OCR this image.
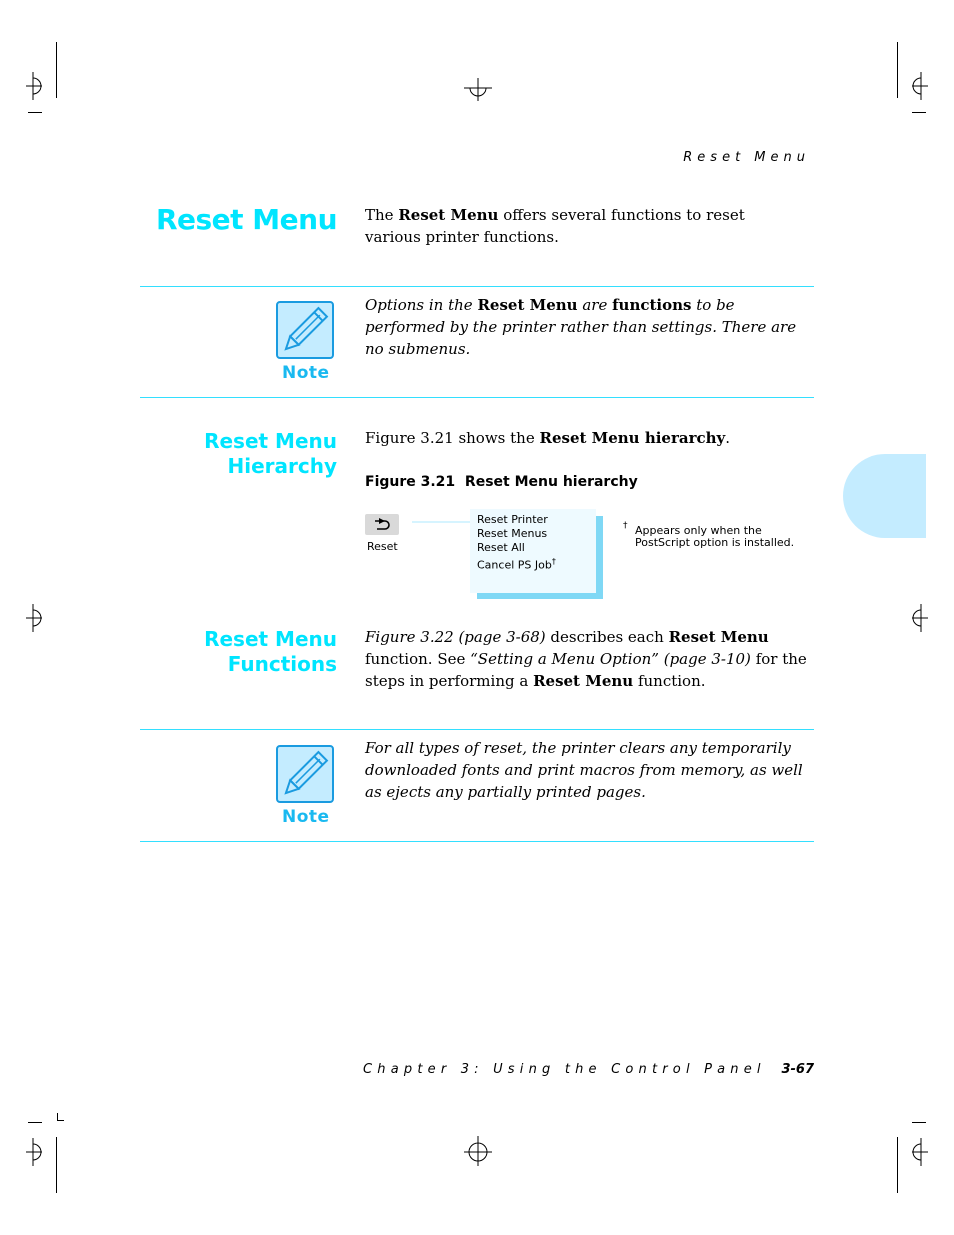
Reset Menu
Reset Menu The Reset Menu offers several functions to reset various printer functions.
Note
Options in the Reset Menu are functions to be performed by the printer rather than settings. There are no submenus.
Reset Menu
Hierarchy
Figure 3.21 shows the Reset Menu hierarchy.
Figure 3.21  Reset Menu hierarchy
Reset
Reset Printer
Reset Menus
Reset All
Cancel PS Job†
† Appears only when the
PostScript option is installed.
Reset Menu
Functions
Figure 3.22 (page 3-68) describes each Reset Menu function. See “Setting a Menu Option” (page 3-10) for the steps in performing a Reset Menu function.
Note
For all types of reset, the printer clears any temporarily downloaded fonts and print macros from memory, as well as ejects any partially printed pages.
Chapter 3: Using the Control Panel 3-67
